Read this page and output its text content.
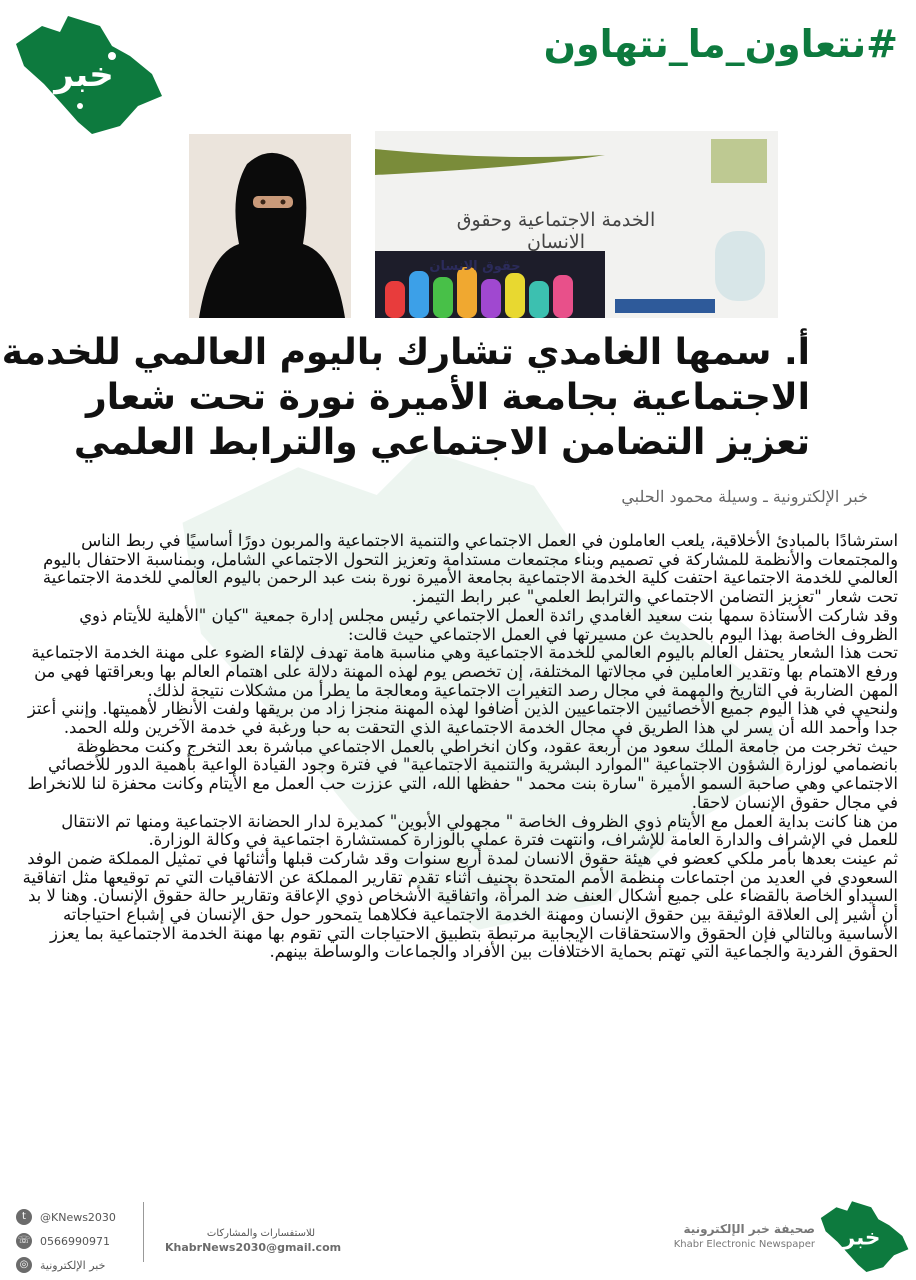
خبر
#نتعاون_ما_نتهاون
الخدمة الاجتماعية وحقوق الانسان
حقوق الانسان
أ. سمها الغامدي تشارك باليوم العالمي للخدمة
الاجتماعية بجامعة الأميرة نورة تحت شعار
تعزيز التضامن الاجتماعي والترابط العلمي
خبر الإلكترونية ـ وسيلة محمود الحلبي

استرشادًا بالمبادئ الأخلاقية، يلعب العاملون في العمل الاجتماعي والتنمية الاجتماعية والمربون دورًا أساسيًا في ربط الناس والمجتمعات والأنظمة للمشاركة في تصميم وبناء مجتمعات مستدامة وتعزيز التحول الاجتماعي الشامل، وبمناسبة الاحتفال باليوم العالمي للخدمة الاجتماعية احتفت كلية الخدمة الاجتماعية بجامعة الأميرة نورة بنت عبد الرحمن باليوم العالمي للخدمة الاجتماعية تحت شعار "تعزيز التضامن الاجتماعي والترابط العلمي" عبر رابط التيمز.

وقد شاركت الأستاذة سمها بنت سعيد الغامدي رائدة العمل الاجتماعي رئيس مجلس إدارة جمعية "كيان "الأهلية للأيتام ذوي الظروف الخاصة بهذا اليوم بالحديث عن مسيرتها في العمل الاجتماعي حيث قالت:

تحت هذا الشعار يحتفل العالم باليوم العالمي للخدمة الاجتماعية وهي مناسبة هامة تهدف لإلقاء الضوء على مهنة الخدمة الاجتماعية ورفع الاهتمام بها وتقدير العاملين في مجالاتها المختلفة، إن تخصص يوم لهذه المهنة دلالة على اهتمام العالم بها وبعراقتها فهي من المهن الضاربة في التاريخ والمهمة في مجال رصد التغيرات الاجتماعية ومعالجة ما يطرأ من مشكلات نتيجة لذلك.

ولنحيي في هذا اليوم جميع الأخصائيين الاجتماعيين الذين أضافوا لهذه المهنة منجزا زاد من بريقها ولفت الأنظار لأهميتها. وإنني أعتز جدا وأحمد الله أن يسر لي هذا الطريق في مجال الخدمة الاجتماعية الذي التحقت به حبا ورغبة في خدمة الآخرين ولله الحمد.

حيث تخرجت من جامعة الملك سعود من أربعة عقود، وكان انخراطي بالعمل الاجتماعي مباشرة بعد التخرج وكنت محظوظة بانضمامي لوزارة الشؤون الاجتماعية "الموارد البشرية والتنمية الاجتماعية" في فترة وجود القيادة الواعية بأهمية الدور للأخصائي الاجتماعي وهي صاحبة السمو الأميرة "سارة بنت محمد " حفظها الله، التي عززت حب العمل مع الأيتام وكانت محفزة لنا للانخراط في مجال حقوق الإنسان لاحقا.

من هنا كانت بداية العمل مع الأيتام ذوي الظروف الخاصة " مجهولي الأبوين" كمديرة لدار الحضانة الاجتماعية ومنها تم الانتقال للعمل في الإشراف والدارة العامة للإشراف، وانتهت فترة عملي بالوزارة كمستشارة اجتماعية في وكالة الوزارة.

ثم عينت بعدها بأمر ملكي كعضو في هيئة حقوق الانسان لمدة أربع سنوات وقد شاركت قبلها وأثنائها في تمثيل المملكة ضمن الوفد السعودي في العديد من اجتماعات منظمة الأمم المتحدة بجنيف أثناء تقدم تقارير المملكة عن الاتفاقيات التي تم توقيعها مثل اتفاقية السيداو الخاصة بالقضاء على جميع أشكال العنف ضد المرأة، واتفاقية الأشخاص ذوي الإعاقة وتقارير حالة حقوق الإنسان. وهنا لا بد أن أشير إلى العلاقة الوثيقة بين حقوق الإنسان ومهنة الخدمة الاجتماعية فكلاهما يتمحور حول حق الإنسان في إشباع احتياجاته الأساسية وبالتالي فإن الحقوق والاستحقاقات الإيجابية مرتبطة بتطبيق الاحتياجات التي تقوم بها مهنة الخدمة الاجتماعية بما يعزز الحقوق الفردية والجماعية التي تهتم بحماية الاختلافات بين الأفراد والجماعات والوساطة بينهم.

t	@KNews2030
☏ 0566990971
◎	خبر الإلكترونية
للاستفسارات والمشاركات
KhabrNews2030@gmail.com
صحيفة خبر الإلكترونية
Khabr Electronic Newspaper خبر
